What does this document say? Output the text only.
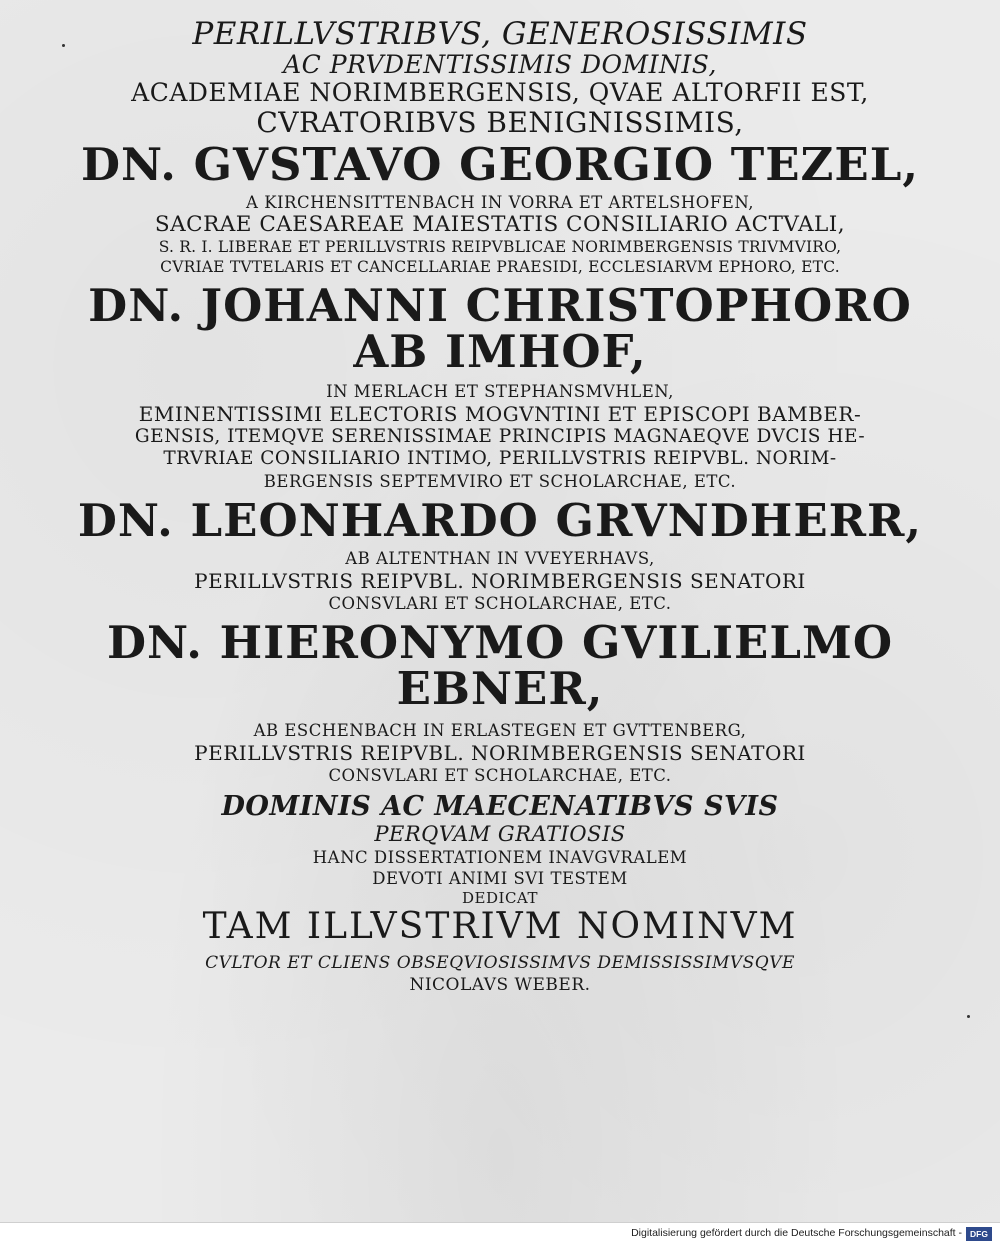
PERILLVSTRIBVS, GENEROSISSIMIS
AC PRVDENTISSIMIS DOMINIS,
ACADEMIAE NORIMBERGENSIS, QVAE ALTORFII EST,
CVRATORIBVS BENIGNISSIMIS,
DN. GVSTAVO GEORGIO TEZEL,
A KIRCHENSITTENBACH IN VORRA ET ARTELSHOFEN,
SACRAE CAESAREAE MAIESTATIS CONSILIARIO ACTVALI,
S. R. I. LIBERAE ET PERILLVSTRIS REIPVBLICAE NORIMBERGENSIS TRIVMVIRO,
CVRIAE TVTELARIS ET CANCELLARIAE PRAESIDI, ECCLESIARVM EPHORO, ETC.
DN. JOHANNI CHRISTOPHORO
AB IMHOF,
IN MERLACH ET STEPHANSMVHLEN,
EMINENTISSIMI ELECTORIS MOGVNTINI ET EPISCOPI BAMBER-
GENSIS, ITEMQVE SERENISSIMAE PRINCIPIS MAGNAEQVE DVCIS HE-
TRVRIAE CONSILIARIO INTIMO, PERILLVSTRIS REIPVBL. NORIM-
BERGENSIS SEPTEMVIRO ET SCHOLARCHAE, ETC.
DN. LEONHARDO GRVNDHERR,
AB ALTENTHAN IN VVEYERHAVS,
PERILLVSTRIS REIPVBL. NORIMBERGENSIS SENATORI
CONSVLARI ET SCHOLARCHAE, ETC.
DN. HIERONYMO GVILIELMO
EBNER,
AB ESCHENBACH IN ERLASTEGEN ET GVTTENBERG,
PERILLVSTRIS REIPVBL. NORIMBERGENSIS SENATORI
CONSVLARI ET SCHOLARCHAE, ETC.
DOMINIS AC MAECENATIBVS SVIS
PERQVAM GRATIOSIS
HANC DISSERTATIONEM INAVGVRALEM
DEVOTI ANIMI SVI TESTEM
DEDICAT
TAM ILLVSTRIVM NOMINVM
CVLTOR ET CLIENS OBSEQVIOSISSIMVS DEMISSISSIMVSQVE
NICOLAVS WEBER.
Digitalisierung gefördert durch die Deutsche Forschungsgemeinschaft - DFG
